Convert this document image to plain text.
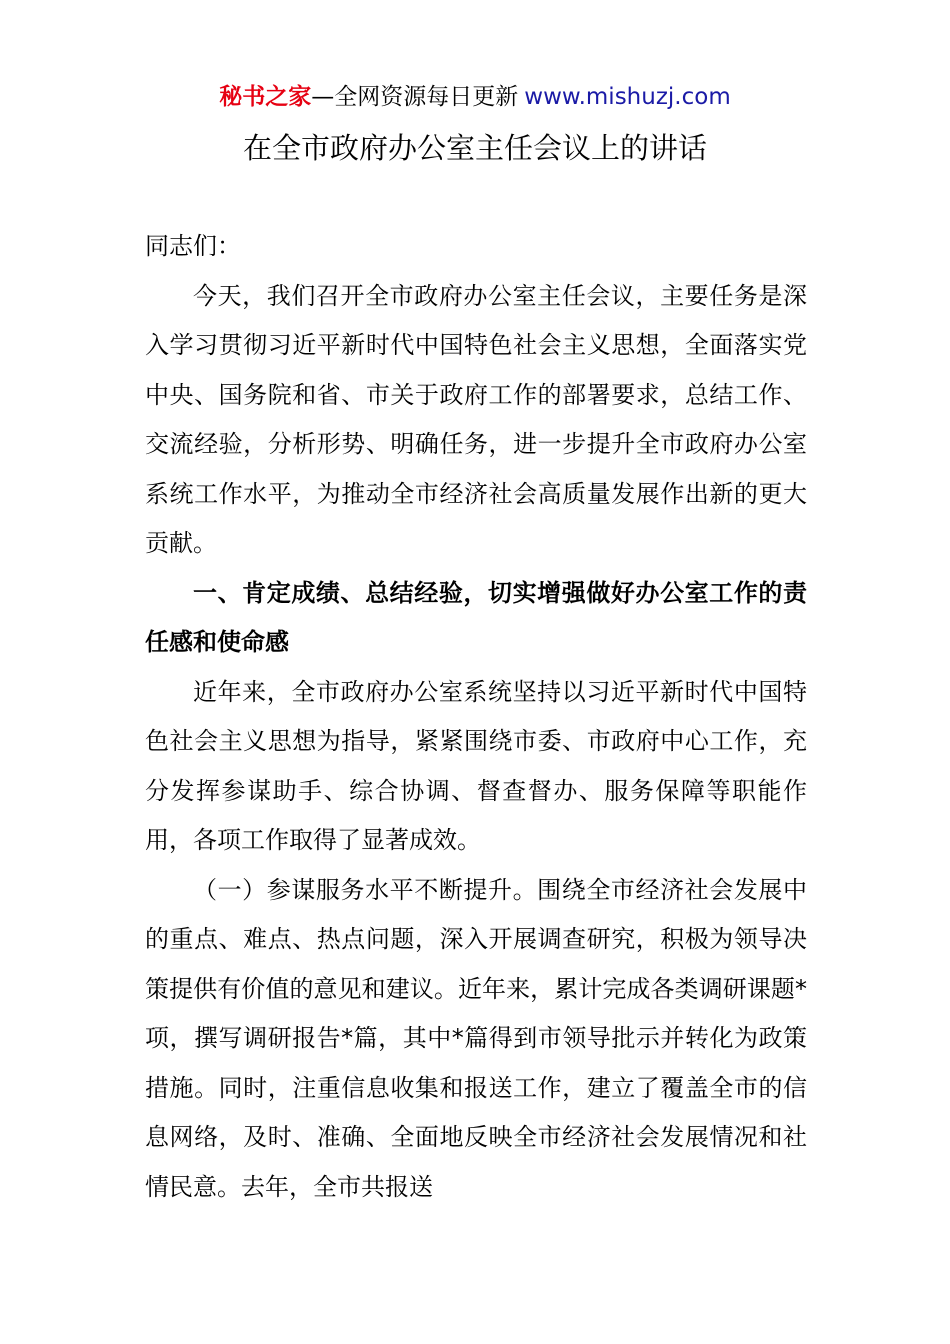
秘书之家—全网资源每日更新 www.mishuzj.com
在全市政府办公室主任会议上的讲话

同志们：

今天，我们召开全市政府办公室主任会议，主要任务是深入学习贯彻习近平新时代中国特色社会主义思想，全面落实党中央、国务院和省、市关于政府工作的部署要求，总结工作、交流经验，分析形势、明确任务，进一步提升全市政府办公室系统工作水平，为推动全市经济社会高质量发展作出新的更大贡献。

一、肯定成绩、总结经验，切实增强做好办公室工作的责任感和使命感

近年来，全市政府办公室系统坚持以习近平新时代中国特色社会主义思想为指导，紧紧围绕市委、市政府中心工作，充分发挥参谋助手、综合协调、督查督办、服务保障等职能作用，各项工作取得了显著成效。

（一）参谋服务水平不断提升。围绕全市经济社会发展中的重点、难点、热点问题，深入开展调查研究，积极为领导决策提供有价值的意见和建议。近年来，累计完成各类调研课题*项，撰写调研报告*篇，其中*篇得到市领导批示并转化为政策措施。同时，注重信息收集和报送工作，建立了覆盖全市的信息网络，及时、准确、全面地反映全市经济社会发展情况和社情民意。去年，全市共报送
